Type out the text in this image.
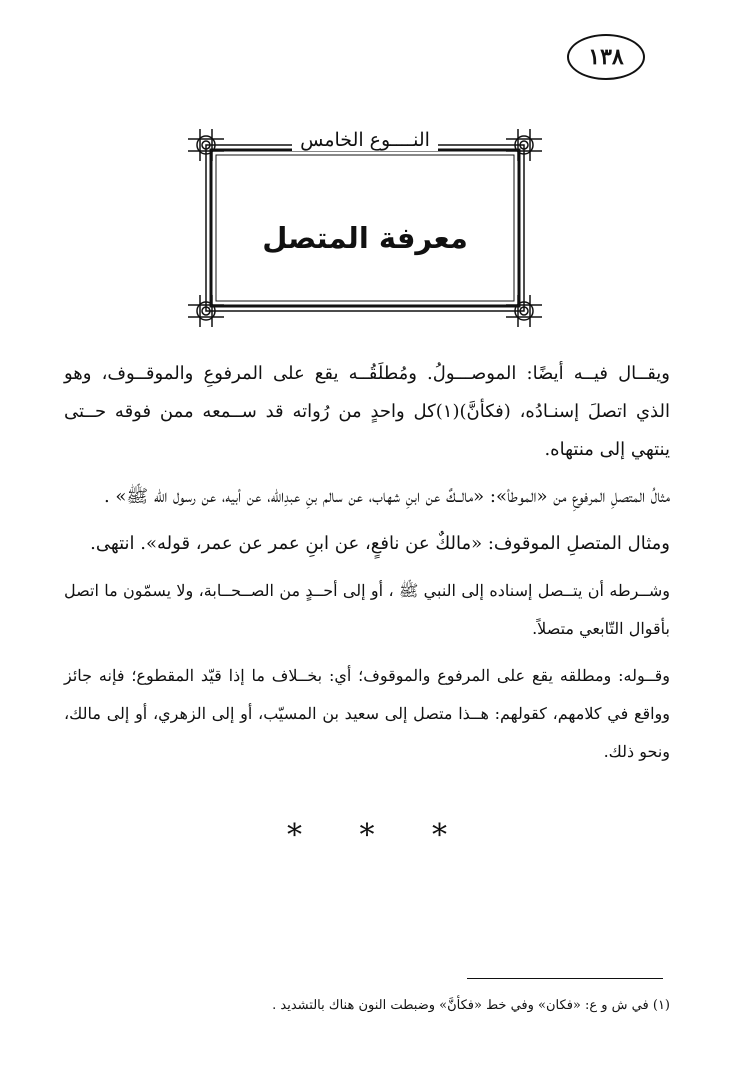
١٣٨
النــــوع الخامس
معرفة المتصل

ويقــال فيــه أيضًا: الموصـــولُ. ومُطلَقُــه يقع على المرفوعِ والموقــوف، وهو الذي اتصلَ إسنـادُه، (فكأنَّ)(١)كل واحدٍ من رُواته قد ســمعه ممن فوقه حــتى ينتهي إلى منتهاه.

مثالُ المتصلِ المرفوعِ من «الموطأ»: «مالــكٌ عن ابنِ شهاب، عن سالم بنِ عبدِالله، عن أبيه، عن رسول الله ﷺ» .

ومثال المتصلِ الموقوف: «مالكٌ عن نافعٍ، عن ابنِ عمر عن عمر، قوله». انتهى.

وشــرطه أن يتــصل إسناده إلى النبي ﷺ ، أو إلى أحــدٍ من الصــحــابة، ولا يسمّون ما اتصل بأقوال التّابعي متصلاً.

وقــوله: ومطلقه يقع على المرفوع والموقوف؛ أي: بخــلاف ما إذا قيّد المقطوع؛ فإنه جائز وواقع في كلامهم، كقولهم: هــذا متصل إلى سعيد بن المسيّب، أو إلى الزهري، أو إلى مالك، ونحو ذلك.

* * *
(١) في ش و ع: «فكان» وفي خط «فكأنَّ» وضبطت النون هناك بالتشديد .
